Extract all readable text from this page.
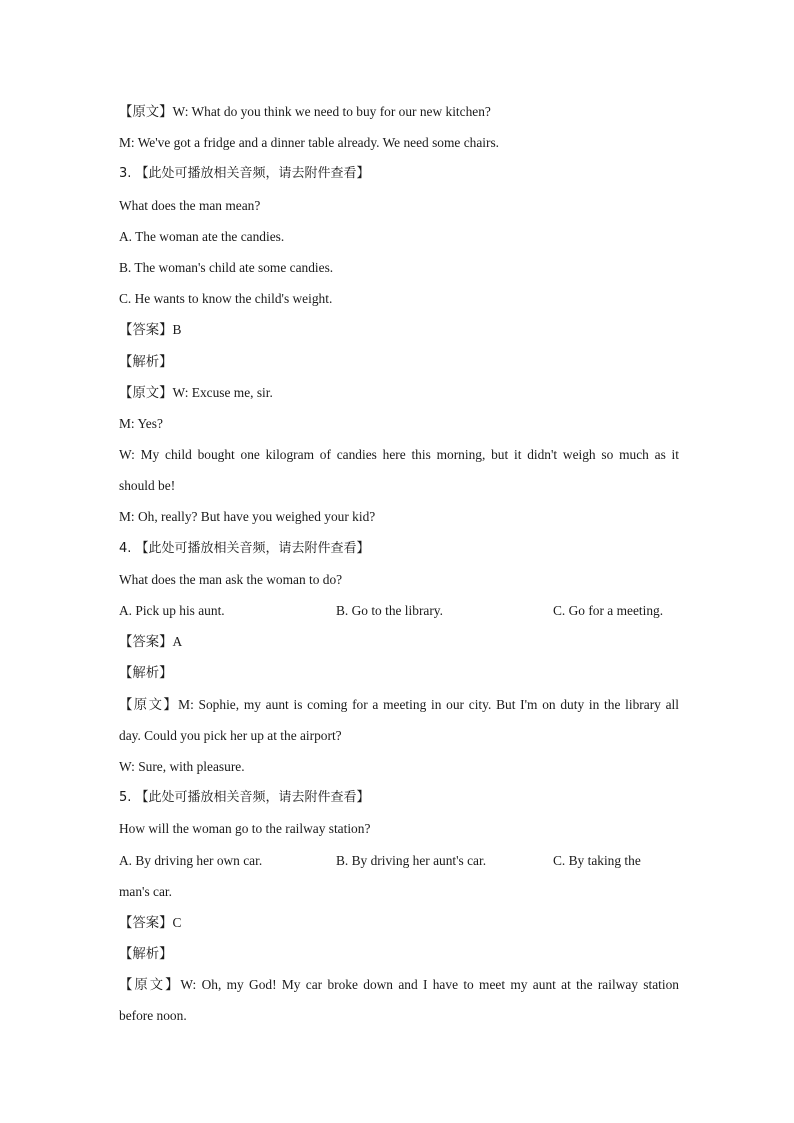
【原文】W: What do you think we need to buy for our new kitchen?
M: We've got a fridge and a dinner table already. We need some chairs.
3. 【此处可播放相关音频，请去附件查看】
What does the man mean?
A. The woman ate the candies.
B. The woman's child ate some candies.
C. He wants to know the child's weight.
【答案】B
【解析】
【原文】W: Excuse me, sir.
M: Yes?
W: My child bought one kilogram of candies here this morning, but it didn't weigh so much as it
should be!
M: Oh, really? But have you weighed your kid?
4. 【此处可播放相关音频，请去附件查看】
What does the man ask the woman to do?
A. Pick up his aunt.	B. Go to the library.	C. Go for a meeting.
【答案】A
【解析】
【原文】M: Sophie, my aunt is coming for a meeting in our city. But I'm on duty in the library all
day. Could you pick her up at the airport?
W: Sure, with pleasure.
5. 【此处可播放相关音频，请去附件查看】
How will the woman go to the railway station?
A. By driving her own car.	B. By driving her aunt's car.	C. By taking the
man's car.
【答案】C
【解析】
【原文】W: Oh, my God! My car broke down and I have to meet my aunt at the railway station
before noon.
